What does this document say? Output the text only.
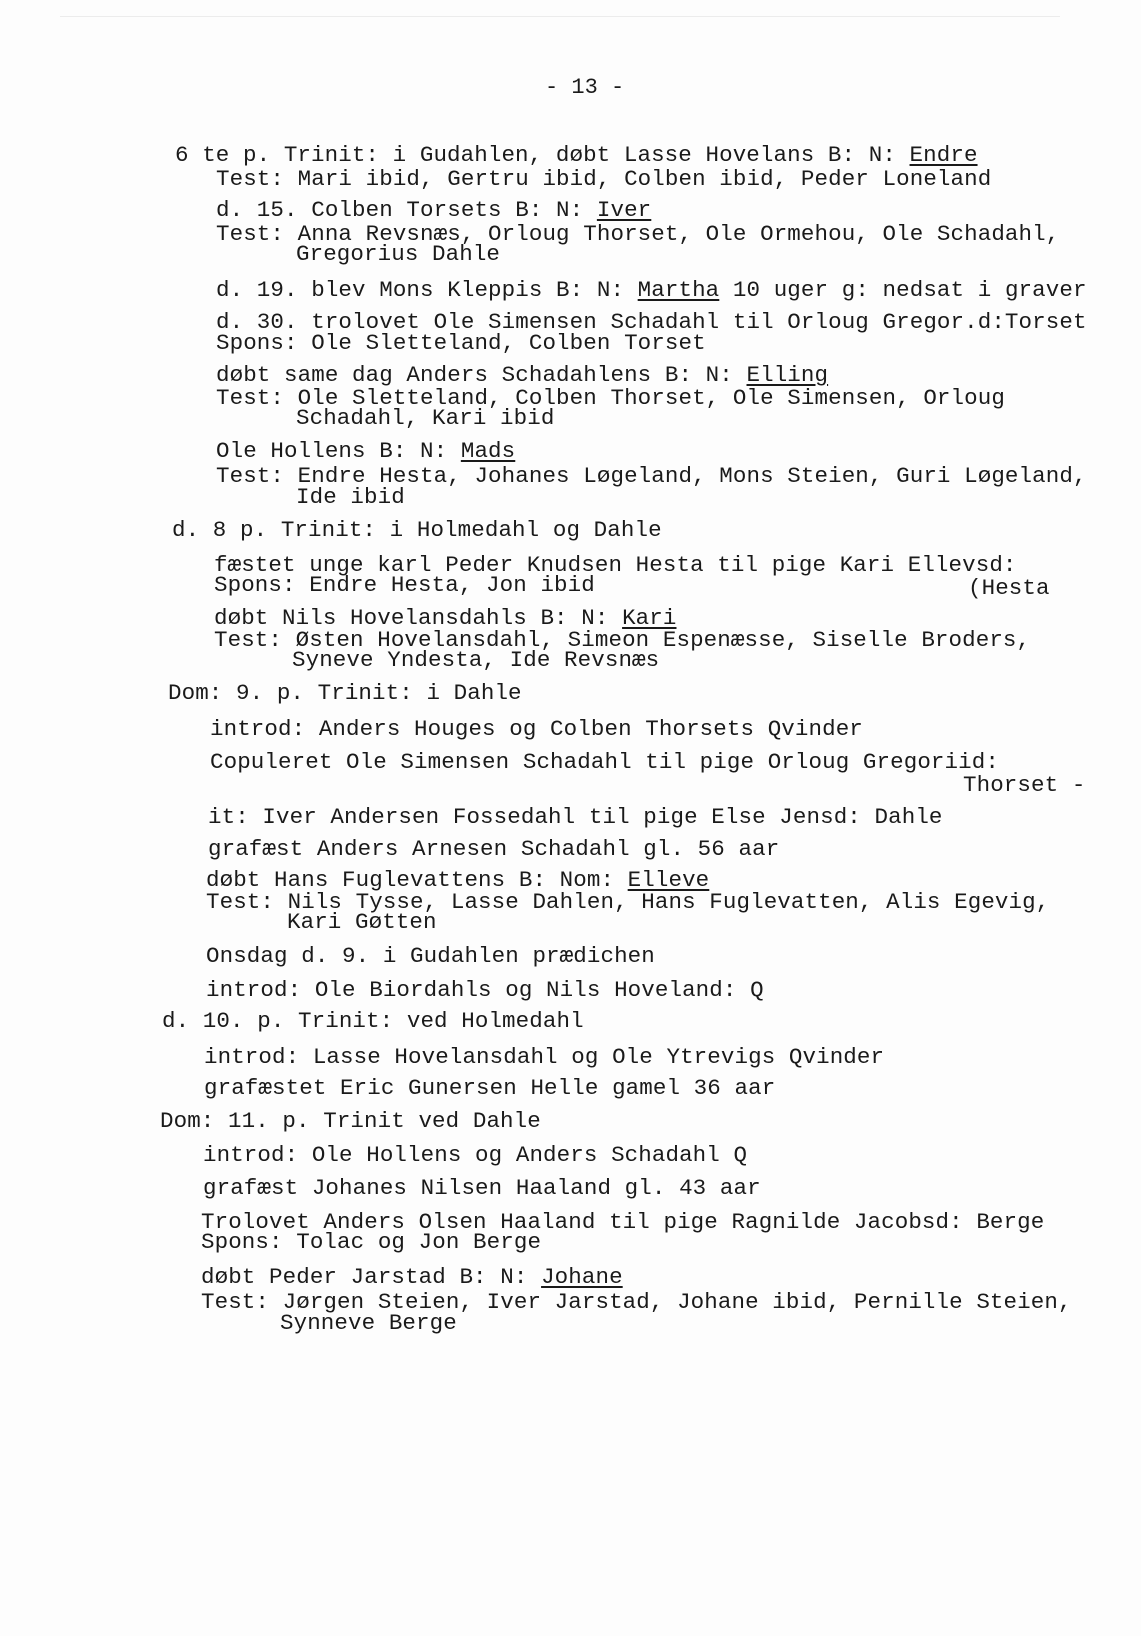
- 13 -
6 te p. Trinit: i Gudahlen, døbt Lasse Hovelans B: N: Endre
Test: Mari ibid, Gertru ibid, Colben ibid, Peder Loneland
d. 15. Colben Torsets B: N: Iver
Test: Anna Revsnæs, Orloug Thorset, Ole Ormehou, Ole Schadahl,
Gregorius Dahle
d. 19. blev Mons Kleppis B: N: Martha 10 uger g: nedsat i graver
d. 30. trolovet Ole Simensen Schadahl til Orloug Gregor.d:Torset
Spons: Ole Sletteland, Colben Torset
døbt same dag Anders Schadahlens B: N: Elling
Test: Ole Sletteland, Colben Thorset, Ole Simensen, Orloug
Schadahl, Kari ibid
Ole Hollens B: N: Mads
Test: Endre Hesta, Johanes Løgeland, Mons Steien, Guri Løgeland,
Ide ibid
d. 8 p. Trinit: i Holmedahl og Dahle
fæstet unge karl Peder Knudsen Hesta til pige Kari Ellevsd:
Spons: Endre Hesta, Jon ibid	(Hesta
døbt Nils Hovelansdahls B: N: Kari
Test: Østen Hovelansdahl, Simeon Espenæsse, Siselle Broders,
Syneve Yndesta, Ide Revsnæs
Dom: 9. p. Trinit: i Dahle
introd: Anders Houges og Colben Thorsets Qvinder
Copuleret Ole Simensen Schadahl til pige Orloug Gregoriid:
Thorset -
it: Iver Andersen Fossedahl til pige Else Jensd: Dahle
grafæst Anders Arnesen Schadahl gl. 56 aar
døbt Hans Fuglevattens B: Nom: Elleve
Test: Nils Tysse, Lasse Dahlen, Hans Fuglevatten, Alis Egevig,
Kari Gøtten
Onsdag d. 9. i Gudahlen prædichen
introd: Ole Biordahls og Nils Hoveland: Q
d. 10. p. Trinit: ved Holmedahl
introd: Lasse Hovelansdahl og Ole Ytrevigs Qvinder
grafæstet Eric Gunersen Helle gamel 36 aar
Dom: 11. p. Trinit ved Dahle
introd: Ole Hollens og Anders Schadahl Q
grafæst Johanes Nilsen Haaland gl. 43 aar
Trolovet Anders Olsen Haaland til pige Ragnilde Jacobsd: Berge
Spons: Tolac og Jon Berge
døbt Peder Jarstad B: N: Johane
Test: Jørgen Steien, Iver Jarstad, Johane ibid, Pernille Steien,
Synneve Berge
